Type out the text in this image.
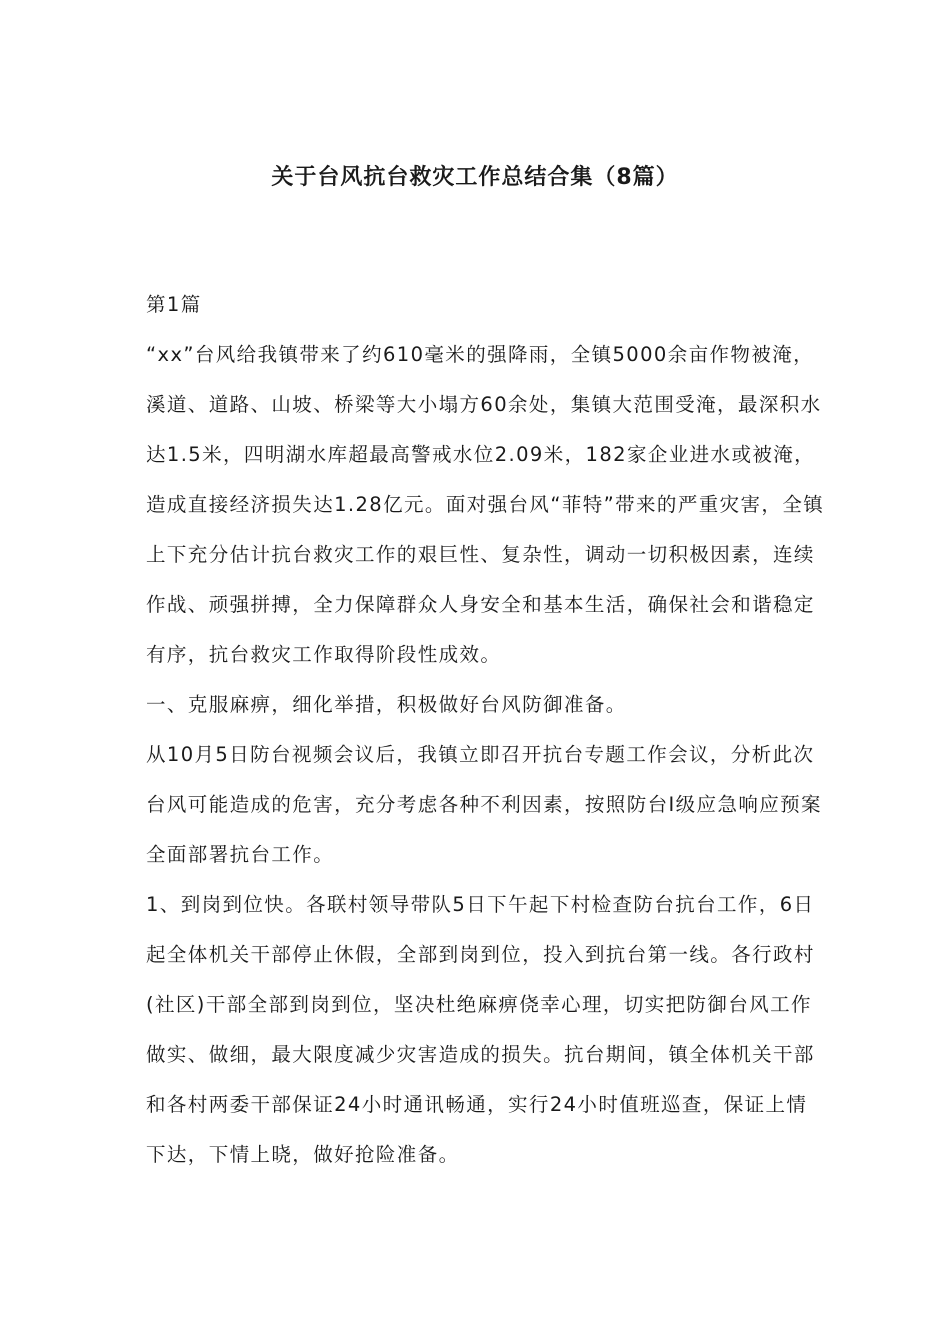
关于台风抗台救灾工作总结合集（8篇）

第1篇

“xx”台风给我镇带来了约610毫米的强降雨，全镇5000余亩作物被淹，溪道、道路、山坡、桥梁等大小塌方60余处，集镇大范围受淹，最深积水达1.5米，四明湖水库超最高警戒水位2.09米，182家企业进水或被淹，造成直接经济损失达1.28亿元。面对强台风“菲特”带来的严重灾害，全镇上下充分估计抗台救灾工作的艰巨性、复杂性，调动一切积极因素，连续作战、顽强拼搏，全力保障群众人身安全和基本生活，确保社会和谐稳定有序，抗台救灾工作取得阶段性成效。

一、克服麻痹，细化举措，积极做好台风防御准备。

从10月5日防台视频会议后，我镇立即召开抗台专题工作会议，分析此次台风可能造成的危害，充分考虑各种不利因素，按照防台Ⅰ级应急响应预案全面部署抗台工作。

1、到岗到位快。各联村领导带队5日下午起下村检查防台抗台工作，6日起全体机关干部停止休假，全部到岗到位，投入到抗台第一线。各行政村(社区)干部全部到岗到位，坚决杜绝麻痹侥幸心理，切实把防御台风工作做实、做细，最大限度减少灾害造成的损失。抗台期间，镇全体机关干部和各村两委干部保证24小时通讯畅通，实行24小时值班巡查，保证上情下达，下情上晓，做好抢险准备。
